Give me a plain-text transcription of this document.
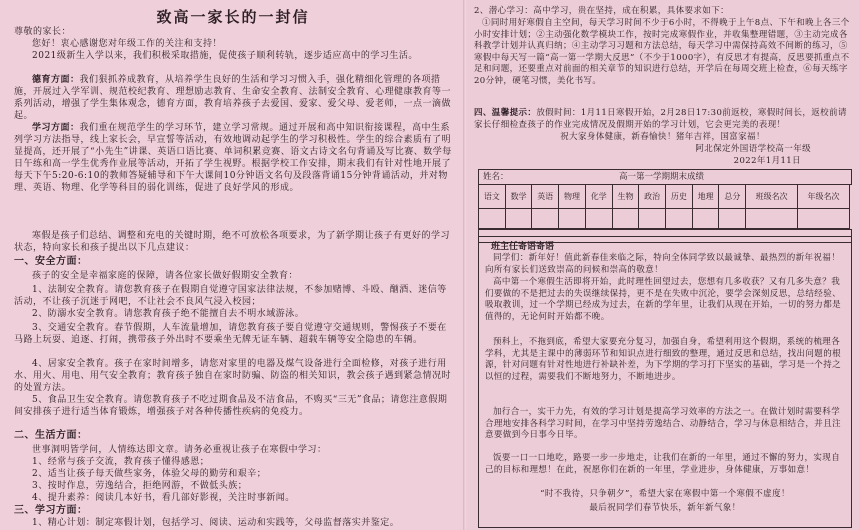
致高一家长的一封信
尊敬的家长：
您好！衷心感谢您对年级工作的关注和支持！
2021级新生入学以来，我们积极采取措施，促使孩子顺利转轨，逐步适应高中的学习生活。
德育方面：我们狠抓养成教育，从培养学生良好的生活和学习习惯入手，强化精细化管理的各项措施，开展过入学军训、规范校纪教育、理想励志教育、生命安全教育、法制安全教育、心理健康教育等一系列活动，增强了学生集体观念，德育方面，教育培养孩子去爱国、爱家、爱父母、爱老师，一点一滴做起。
学习方面：我们重在规范学生的学习环节，建立学习常规。通过开展和高中知识衔接课程，高中生系列学习方法指导，线上家长会，早宣誓等活动，有效地调动起学生的学习积极性。学生的综合素质有了明显提高，还开展了“小先生”讲课、英语口语比赛、单词积累竞赛、语文古诗文名句背诵及写比赛、数学每日午练和高一学生优秀作业展等活动，开拓了学生视野。根据学校工作安排，期末我们有针对性地开展了每天下午5:20-6:10的教师答疑辅导和下午大课间10分钟语文名句及段落背诵15分钟背诵活动，并对物理、英语、物理、化学等科目的弱化训练，促进了良好学风的形成。
寒假是孩子们总结、调整和充电的关键时期，绝不可放松各项要求，为了新学期让孩子有更好的学习状态，特向家长和孩子提出以下几点建议：
一、安全方面：
孩子的安全是幸福家庭的保障，请各位家长做好假期安全教育：
1、法制安全教育。请您教育孩子在假期自觉遵守国家法律法规，不参加赌博、斗殴、酗酒、迷信等活动，不让孩子沉迷于网吧，不让社会不良风气浸入校园；
2、防溺水安全教育。请您教育孩子绝不能擅自去不明水域游泳。
3、交通安全教育。春节假期，人车流量增加，请您教育孩子要自觉遵守交通规则，警惕孩子不要在马路上玩耍、追逐、打闹，携带孩子外出时不要乘坐无牌无证车辆、超载车辆等安全隐患的车辆。
4、居家安全教育。孩子在家时间增多，请您对家里的电器及煤气设备进行全面检修，对孩子进行用水、用火、用电、用气安全教育；教育孩子独自在家时防骗、防盗的相关知识，教会孩子遇到紧急情况时的处置方法。
5、食品卫生安全教育。请您教育孩子不吃过期食品及不洁食品，不购买“三无”食品；请您注意假期间安排孩子进行适当体育锻炼，增强孩子对各种传播性疾病的免疫力。
二、生活方面：
世事洞明皆学问，人情练达即文章。请务必重视让孩子在寒假中学习：
1、经常与孩子交流，教育孩子懂得感恩；
2、适当让孩子每天做些家务，体验父母的勤劳和艰辛；
3、按时作息，劳逸结合，拒绝网游，不做低头族；
4、提升素养：阅读几本好书，看几部好影视，关注时事新闻。
三、学习方面：
1、精心计划：制定寒假计划，包括学习、阅读、运动和实践等，父母监督落实并鉴定。
2、潜心学习：高中学习，贵在坚持，成在积累，具体要求如下：
①同时用好寒假自主空间，每天学习时间不少于6小时，不得晚于上午8点、下午和晚上各三个小时安排计划；②主动强化数学模块工作，按时完成寒假作业，并收集整理错题，③主动完成各科教学计划并认真归纳；④主动学习习题和方法总结，每天学习中需保持高效不间断的练习，⑤寒假中每天写一篇“高一第一学期大反思”（不少于1000字），有反思才有提高，反思要抓重点不足和问题，还要重点对前面的相关章节的知识进行总结，开学后在每周交班上检查，⑥每天练字20分钟，硬笔习惯，美化书写。
四、温馨提示：放假时间：1月11日寒假开始，2月28日17:30前返校，寒假时间长，返校前请家长仔细检查孩子的作业完成情况及假期开始的学习计划，它会更完美的表现！
祝大家身体健康，新春愉快！猪年吉祥，国富家福！
阿北保定外国语学校高一年级
2022年1月11日
姓名：	高一第一学期期末成绩
语文	数学	英语	物理	化学	生物	政治	历史	地理	总分	班级名次	年级名次

班主任寄语寄语
同学们：新年好！值此新春佳来临之际，特向全体同学致以最诚挚、最热烈的新年祝福！向所有家长们送致崇高的问候和崇高的敬意！
高中第一个寒假生活即将开始，此时理性回望过去，您想有几多收获？又有几多失意？我们要做的不是把过去的失误继续保持，更不是在失败中沉沦，要学会深刻反思，总结经验、吸取教训，过一个学期已经成为过去，在新的学年里，让我们从现在开始，一切的努力都是值得的，无论何时开始都不晚。
预科上，不拖到底，希望大家要充分复习，加强自身，希望利用这个假期，系统的梳理各学科，尤其是主课中的薄弱环节和知识点进行细致的整理，通过反思和总结，找出问题的根源，针对问题有针对性地进行补缺补差，为下学期的学习打下坚实的基础，学习是一个持之以恒的过程，需要我们不断地努力，不断地进步。
加行合一，实干力先，有效的学习计划是提高学习效率的方法之一。在做计划时需要科学合理地安排各科学习时间，在学习中坚持劳逸结合、动静结合，学习与休息相结合，并且注意要做到今日事今日毕。
饭要一口一口地吃，路要一步一步地走，让我们在新的一年里，通过不懈的努力，实现自己的目标和理想！在此，祝愿你们在新的一年里，学业进步，身体健康，万事如意！
“时不我待，只争朝夕”，希望大家在寒假中第一个寒假不虚度！
最后祝同学们春节快乐，新年新气象！
